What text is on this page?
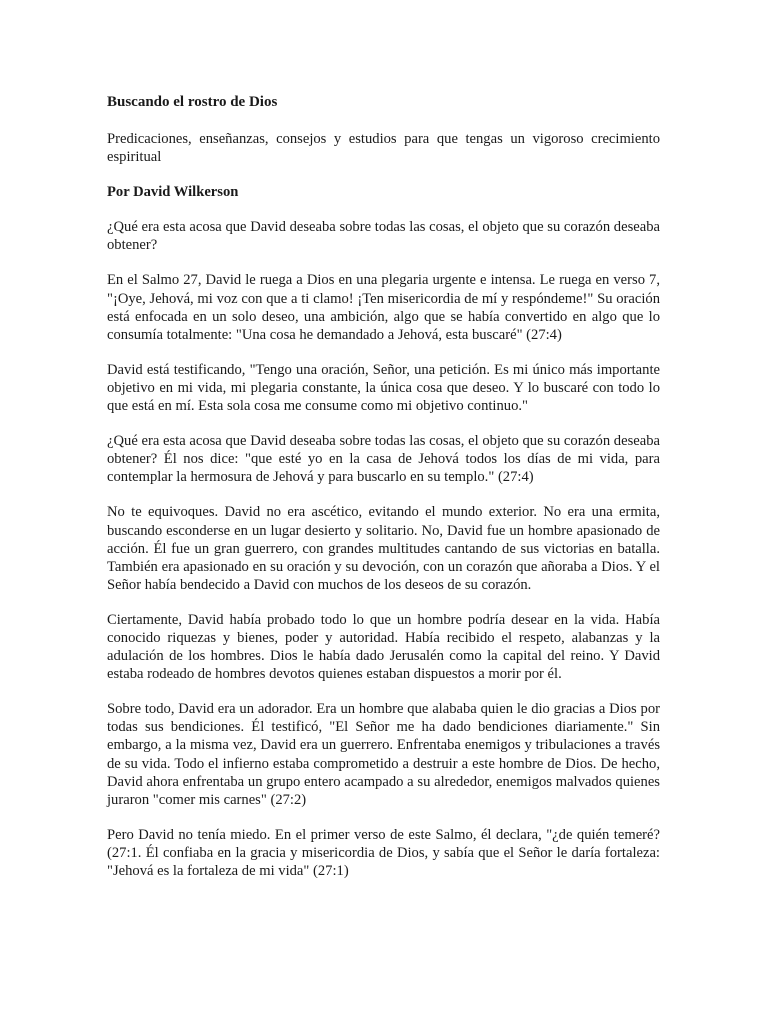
Buscando el rostro de Dios
Predicaciones, enseñanzas, consejos y estudios para que tengas un vigoroso crecimiento espiritual
Por David Wilkerson
¿Qué era esta acosa que David deseaba sobre todas las cosas, el objeto que su corazón deseaba obtener?
En el Salmo 27, David le ruega a Dios en una plegaria urgente e intensa. Le ruega en verso 7, "¡Oye, Jehová, mi voz con que a ti clamo! ¡Ten misericordia de mí y respóndeme!" Su oración está enfocada en un solo deseo, una ambición, algo que se había convertido en algo que lo consumía totalmente: "Una cosa he demandado a Jehová, esta buscaré" (27:4)
David está testificando, "Tengo una oración, Señor, una petición. Es mi único más importante objetivo en mi vida, mi plegaria constante, la única cosa que deseo. Y lo buscaré con todo lo que está en mí. Esta sola cosa me consume como mi objetivo continuo."
¿Qué era esta acosa que David deseaba sobre todas las cosas, el objeto que su corazón deseaba obtener? Él nos dice: "que esté yo en la casa de Jehová todos los días de mi vida, para contemplar la hermosura de Jehová y para buscarlo en su templo." (27:4)
No te equivoques. David no era ascético, evitando el mundo exterior. No era una ermita, buscando esconderse en un lugar desierto y solitario. No, David fue un hombre apasionado de acción. Él fue un gran guerrero, con grandes multitudes cantando de sus victorias en batalla. También era apasionado en su oración y su devoción, con un corazón que añoraba a Dios. Y el Señor había bendecido a David con muchos de los deseos de su corazón.
Ciertamente, David había probado todo lo que un hombre podría desear en la vida. Había conocido riquezas y bienes, poder y autoridad. Había recibido el respeto, alabanzas y la adulación de los hombres. Dios le había dado Jerusalén como la capital del reino. Y David estaba rodeado de hombres devotos quienes estaban dispuestos a morir por él.
Sobre todo, David era un adorador. Era un hombre que alababa quien le dio gracias a Dios por todas sus bendiciones. Él testificó, "El Señor me ha dado bendiciones diariamente." Sin embargo, a la misma vez, David era un guerrero. Enfrentaba enemigos y tribulaciones a través de su vida. Todo el infierno estaba comprometido a destruir a este hombre de Dios. De hecho, David ahora enfrentaba un grupo entero acampado a su alrededor, enemigos malvados quienes juraron "comer mis carnes" (27:2)
Pero David no tenía miedo. En el primer verso de este Salmo, él declara, "¿de quién temeré? (27:1. Él confiaba en la gracia y misericordia de Dios, y sabía que el Señor le daría fortaleza: "Jehová es la fortaleza de mi vida" (27:1)
